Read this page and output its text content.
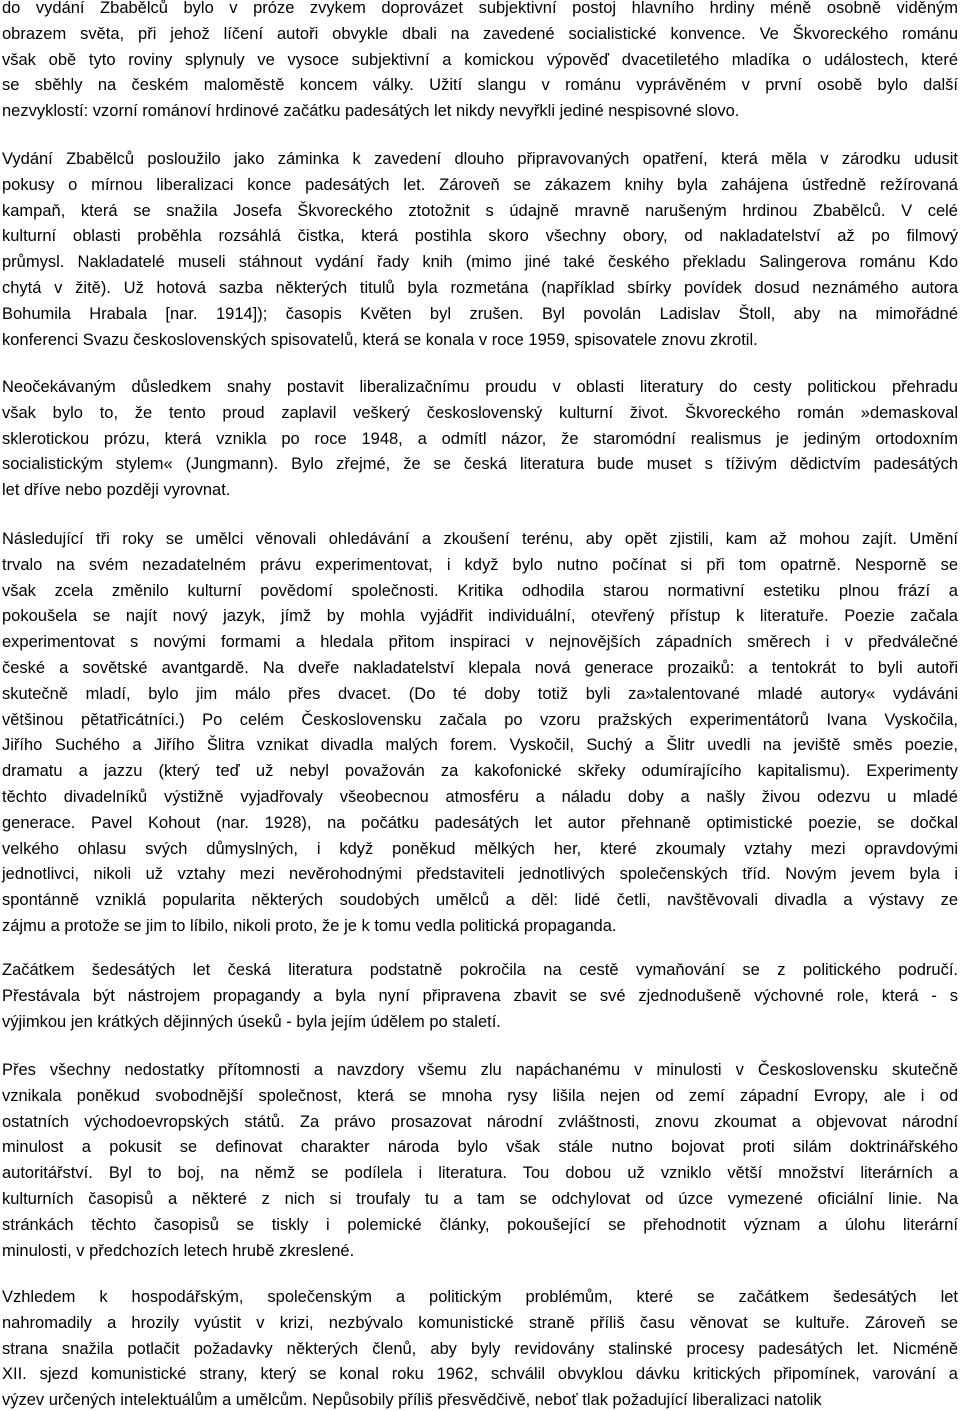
do vydání Zbabělců bylo v próze zvykem doprovázet subjektivní postoj hlavního hrdiny méně osobně viděným
obrazem světa, při jehož líčení autoři obvykle dbali na zavedené socialistické konvence. Ve Škvoreckého románu
však obě tyto roviny splynuly ve vysoce subjektivní a komickou výpověď dvacetiletého mladíka o událostech, které
se sběhly na českém maloměstě koncem války. Užití slangu v románu vyprávěném v první osobě bylo další
nezvyklostí: vzorní románoví hrdinové začátku padesátých let nikdy nevyřkli jediné nespisovné slovo.
Vydání Zbabělců posloužilo jako záminka k zavedení dlouho připravovaných opatření, která měla v zárodku udusit
pokusy o mírnou liberalizaci konce padesátých let. Zároveň se zákazem knihy byla zahájena ústředně režírovaná
kampaň, která se snažila Josefa Škvoreckého ztotožnit s údajně mravně narušeným hrdinou Zbabělců. V celé
kulturní oblasti proběhla rozsáhlá čistka, která postihla skoro všechny obory, od nakladatelství až po filmový
průmysl. Nakladatelé museli stáhnout vydání řady knih (mimo jiné také českého překladu Salingerova románu Kdo
chytá v žitě). Už hotová sazba některých titulů byla rozmetána (například sbírky povídek dosud neznámého autora
Bohumila Hrabala [nar. 1914]); časopis Květen byl zrušen. Byl povolán Ladislav Štoll, aby na mimořádné
konferenci Svazu československých spisovatelů, která se konala v roce 1959, spisovatele znovu zkrotil.
Neočekávaným důsledkem snahy postavit liberalizačnímu proudu v oblasti literatury do cesty politickou přehradu
však bylo to, že tento proud zaplavil veškerý československý kulturní život. Škvoreckého román »demaskoval
sklerotickou prózu, která vznikla po roce 1948, a odmítl názor, že staromódní realismus je jediným ortodoxním
socialistickým stylem« (Jungmann). Bylo zřejmé, že se česká literatura bude muset s tíživým dědictvím padesátých
let dříve nebo později vyrovnat.
Následující tři roky se umělci věnovali ohledávání a zkoušení terénu, aby opět zjistili, kam až mohou zajít. Umění
trvalo na svém nezadatelném právu experimentovat, i když bylo nutno počínat si při tom opatrně. Nesporně se
však zcela změnilo kulturní povědomí společnosti. Kritika odhodila starou normativní estetiku plnou frází a
pokoušela se najít nový jazyk, jímž by mohla vyjádřit individuální, otevřený přístup k literatuře. Poezie začala
experimentovat s novými formami a hledala přitom inspiraci v nejnovějších západních směrech i v předválečné
české a sovětské avantgardě. Na dveře nakladatelství klepala nová generace prozaiků: a tentokrát to byli autoři
skutečně mladí, bylo jim málo přes dvacet. (Do té doby totiž byli za»talentované mladé autory« vydáváni
většinou pětatřicátníci.) Po celém Československu začala po vzoru pražských experimentátorů Ivana Vyskočila,
Jiřího Suchého a Jiřího Šlitra vznikat divadla malých forem. Vyskočil, Suchý a Šlitr uvedli na jeviště směs poezie,
dramatu a jazzu (který teď už nebyl považován za kakofonické skřeky odumírajícího kapitalismu). Experimenty
těchto divadelníků výstižně vyjadřovaly všeobecnou atmosféru a náladu doby a našly živou odezvu u mladé
generace. Pavel Kohout (nar. 1928), na počátku padesátých let autor přehnaně optimistické poezie, se dočkal
velkého ohlasu svých důmyslných, i když poněkud mělkých her, které zkoumaly vztahy mezi opravdovými
jednotlivci, nikoli už vztahy mezi nevěrohodnými představiteli jednotlivých společenských tříd. Novým jevem byla i
spontánně vzniklá popularita některých soudobých umělců a děl: lidé četli, navštěvovali divadla a výstavy ze
zájmu a protože se jim to líbilo, nikoli proto, že je k tomu vedla politická propaganda.
Začátkem šedesátých let česká literatura podstatně pokročila na cestě vymaňování se z politického područí.
Přestávala být nástrojem propagandy a byla nyní připravena zbavit se své zjednodušeně výchovné role, která - s
výjimkou jen krátkých dějinných úseků - byla jejím údělem po staletí.
Přes všechny nedostatky přítomnosti a navzdory všemu zlu napáchanému v minulosti v Československu skutečně
vznikala poněkud svobodnější společnost, která se mnoha rysy lišila nejen od zemí západní Evropy, ale i od
ostatních východoevropských států. Za právo prosazovat národní zvláštnosti, znovu zkoumat a objevovat národní
minulost a pokusit se definovat charakter národa bylo však stále nutno bojovat proti silám doktrinářského
autoritářství. Byl to boj, na němž se podílela i literatura. Tou dobou už vzniklo větší množství literárních a
kulturních časopisů a některé z nich si troufaly tu a tam se odchylovat od úzce vymezené oficiální linie. Na
stránkách těchto časopisů se tiskly i polemické články, pokoušející se přehodnotit význam a úlohu literární
minulosti, v předchozích letech hrubě zkreslené.
Vzhledem k hospodářským, společenským a politickým problémům, které se začátkem šedesátých let
nahromadily a hrozily vyústit v krizi, nezbývalo komunistické straně příliš času věnovat se kultuře. Zároveň se
strana snažila potlačit požadavky některých členů, aby byly revidovány stalinské procesy padesátých let. Nicméně
XII. sjezd komunistické strany, který se konal roku 1962, schválil obvyklou dávku kritických připomínek, varování a
výzev určených intelektuálům a umělcům. Nepůsobily příliš přesvědčivě, neboť tlak požadující liberalizaci natolik
